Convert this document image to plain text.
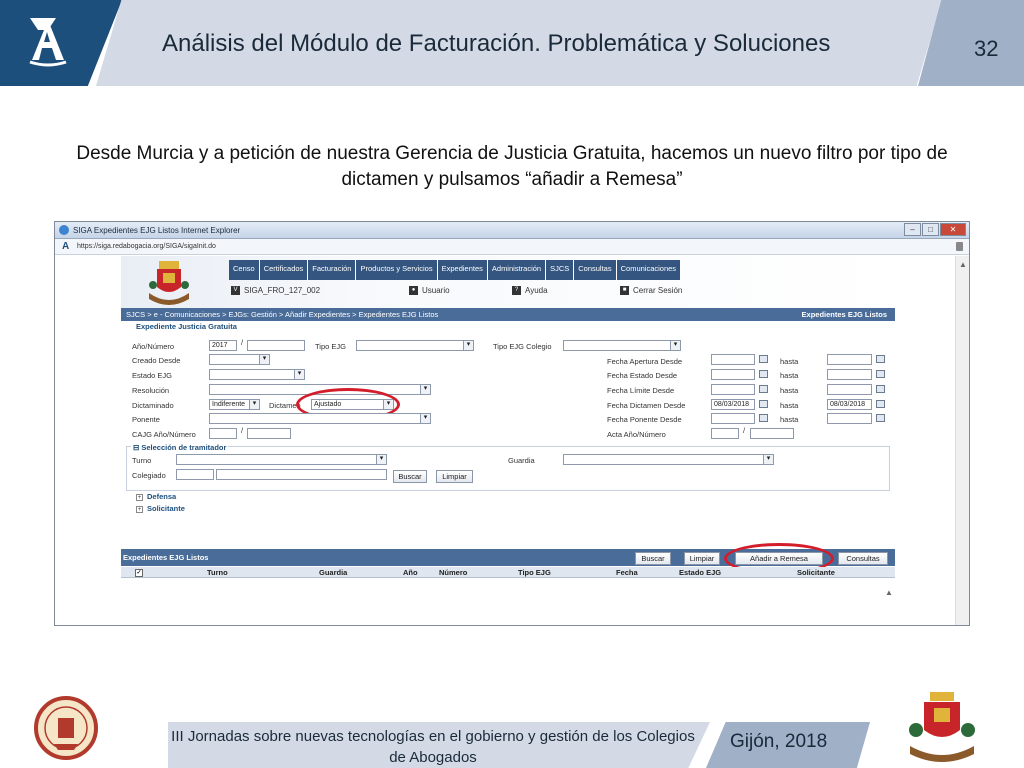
Análisis del Módulo de Facturación. Problemática y Soluciones	32
Desde Murcia y a petición de nuestra Gerencia de Justicia Gratuita, hacemos un nuevo filtro por tipo de dictamen y pulsamos “añadir a Remesa”
SIGA Expedientes EJG Listos Internet Explorer	–	□	✕
A https://siga.redabogacia.org/SIGA/sigaInit.do
▲
Censo	Certificados	Facturación	Productos y Servicios	Expedientes	Administración	SJCS	Consultas	Comunicaciones
V SIGA_FRO_127_002	● Usuario	? Ayuda	■ Cerrar Sesión
SJCS > e - Comunicaciones > EJGs: Gestión > Añadir Expedientes > Expedientes EJG Listos	Expedientes EJG Listos
Expediente Justicia Gratuita
Año/Número	2017	/	Tipo EJG ▾	Tipo EJG Colegio
▾
Creado Desde ▾	Fecha Apertura Desde	hasta
Estado EJG ▾	Fecha Estado Desde	hasta
Resolución ▾	Fecha Límite Desde	hasta
Dictaminado	Indiferente ▾	Dictamen	Ajustado ▾	Fecha Dictamen Desde	08/03/2018	hasta	08/03/2018
Ponente ▾	Fecha Ponente Desde	hasta
CAJG Año/Número	/	Acta Año/Número	/
⊟ Selección de tramitador
Turno ▾	Guardia
▾
Colegiado	Buscar	Limpiar
+ Defensa
+ Solicitante
Expedientes EJG Listos	Buscar	Limpiar	Añadir a Remesa	Consultas
✓	Turno	Guardia	Año	Número	Tipo EJG	Fecha	Estado EJG	Solicitante
▲
III Jornadas sobre nuevas tecnologías en el gobierno y gestión de los Colegios de Abogados
Gijón, 2018
